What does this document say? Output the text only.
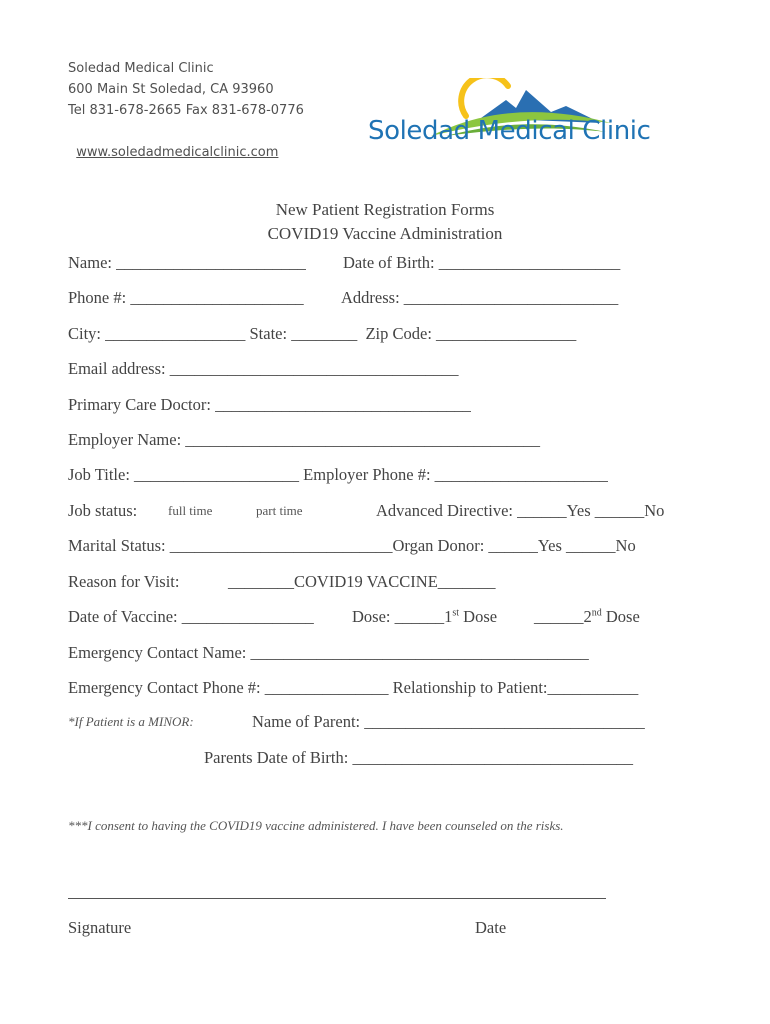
Soledad Medical Clinic
600 Main St Soledad, CA 93960
Tel 831-678-2665 Fax 831-678-0776

www.soledadmedicalclinic.com

Soledad Medical Clinic

New Patient Registration Forms
COVID19 Vaccine Administration
Name: _______________________ Date of Birth: ______________________
Phone #: _____________________ Address: __________________________
City: _________________ State: ________  Zip Code: _________________
Email address: ___________________________________
Primary Care Doctor: _______________________________
Employer Name: ___________________________________________
Job Title: ____________________ Employer Phone #: _____________________
Job status: full time	part time	Advanced Directive: ______Yes ______No
Marital Status: ___________________________Organ Donor: ______Yes ______No
Reason for Visit:	________COVID19 VACCINE_______
Date of Vaccine: ________________ Dose: ______1st Dose ______2nd Dose
Emergency Contact Name: _________________________________________
Emergency Contact Phone #: _______________ Relationship to Patient:___________
*If Patient is a MINOR:	Name of Parent: __________________________________
Parents Date of Birth: __________________________________
***I consent to having the COVID19 vaccine administered. I have been counseled on the risks.
Signature	Date
